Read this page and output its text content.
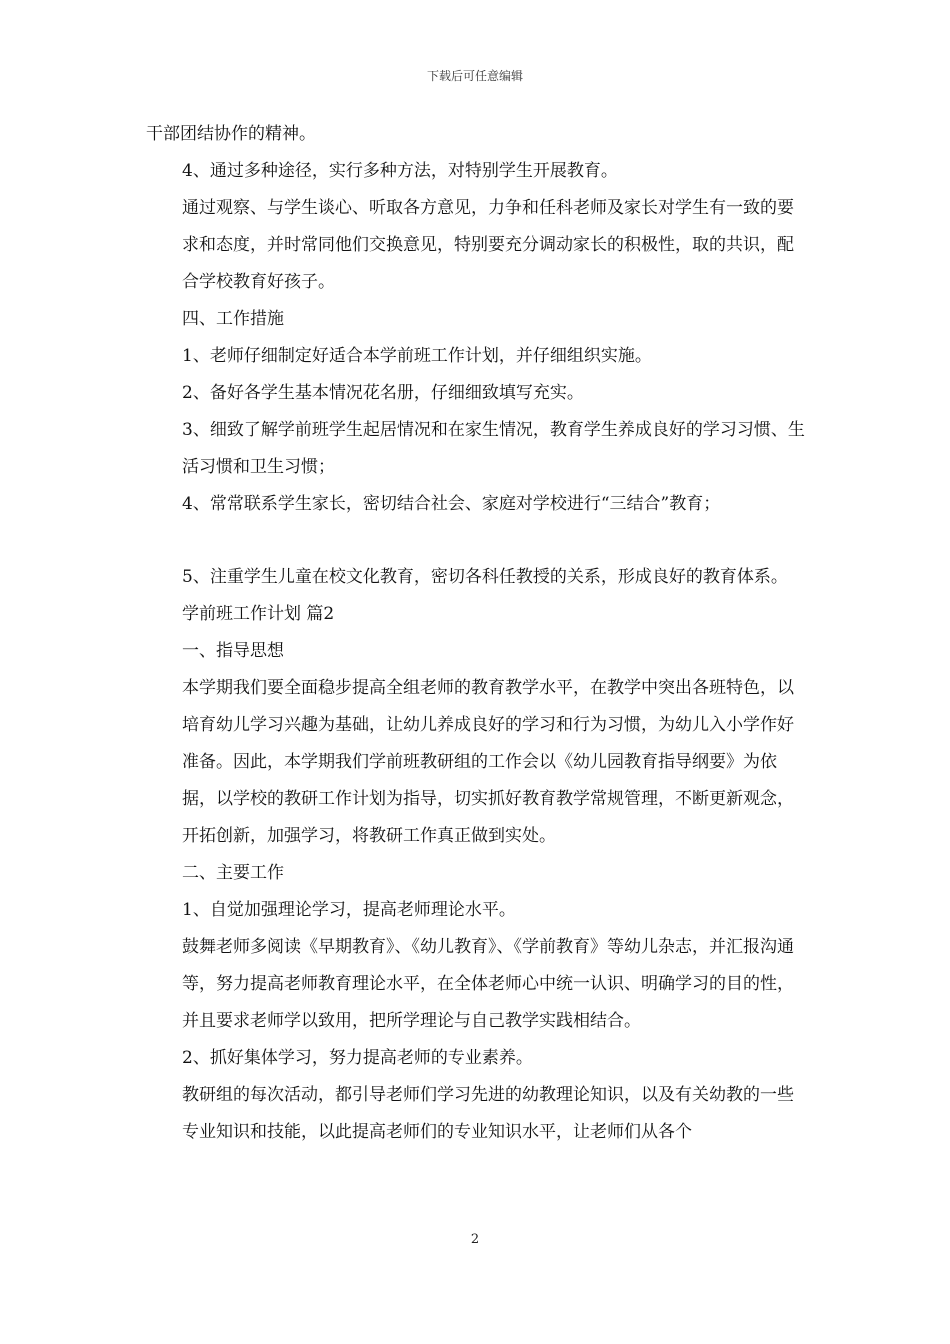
下载后可任意编辑

干部团结协作的精神。

4、通过多种途径，实行多种方法，对特别学生开展教育。

通过观察、与学生谈心、听取各方意见，力争和任科老师及家长对学生有一致的要求和态度，并时常同他们交换意见，特别要充分调动家长的积极性，取的共识，配合学校教育好孩子。

四、工作措施

1、老师仔细制定好适合本学前班工作计划，并仔细组织实施。

2、备好各学生基本情况花名册，仔细细致填写充实。

3、细致了解学前班学生起居情况和在家生情况，教育学生养成良好的学习习惯、生活习惯和卫生习惯；

4、常常联系学生家长，密切结合社会、家庭对学校进行“三结合”教育；

5、注重学生儿童在校文化教育，密切各科任教授的关系，形成良好的教育体系。

学前班工作计划 篇2

一、指导思想

本学期我们要全面稳步提高全组老师的教育教学水平，在教学中突出各班特色，以培育幼儿学习兴趣为基础，让幼儿养成良好的学习和行为习惯，为幼儿入小学作好准备。因此，本学期我们学前班教研组的工作会以《幼儿园教育指导纲要》为依据，以学校的教研工作计划为指导，切实抓好教育教学常规管理，不断更新观念，开拓创新，加强学习，将教研工作真正做到实处。

二、主要工作

1、自觉加强理论学习，提高老师理论水平。

鼓舞老师多阅读《早期教育》、《幼儿教育》、《学前教育》等幼儿杂志，并汇报沟通等，努力提高老师教育理论水平，在全体老师心中统一认识、明确学习的目的性，并且要求老师学以致用，把所学理论与自己教学实践相结合。

2、抓好集体学习，努力提高老师的专业素养。

教研组的每次活动，都引导老师们学习先进的幼教理论知识，以及有关幼教的一些专业知识和技能，以此提高老师们的专业知识水平，让老师们从各个

2
